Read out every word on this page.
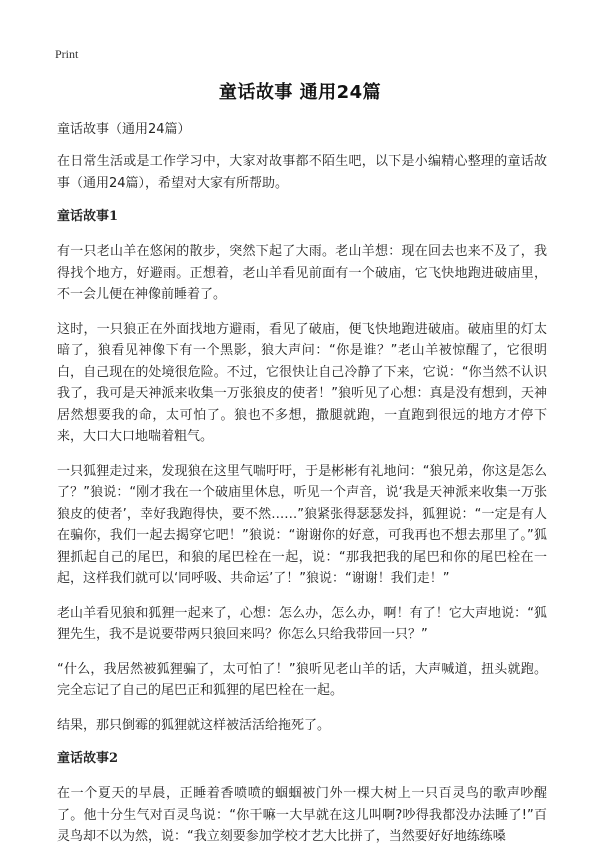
Print
童话故事 通用24篇

童话故事（通用24篇）

在日常生活或是工作学习中，大家对故事都不陌生吧，以下是小编精心整理的童话故事（通用24篇），希望对大家有所帮助。

童话故事1

有一只老山羊在悠闲的散步，突然下起了大雨。老山羊想：现在回去也来不及了，我得找个地方，好避雨。正想着，老山羊看见前面有一个破庙，它飞快地跑进破庙里，不一会儿便在神像前睡着了。

这时，一只狼正在外面找地方避雨，看见了破庙，便飞快地跑进破庙。破庙里的灯太暗了，狼看见神像下有一个黑影，狼大声问：“你是谁？”老山羊被惊醒了，它很明白，自己现在的处境很危险。不过，它很快让自己冷静了下来，它说：“你当然不认识我了，我可是天神派来收集一万张狼皮的使者！”狼听见了心想：真是没有想到，天神居然想要我的命，太可怕了。狼也不多想，撒腿就跑，一直跑到很远的地方才停下来，大口大口地喘着粗气。

一只狐狸走过来，发现狼在这里气喘吁吁，于是彬彬有礼地问：“狼兄弟，你这是怎么了？”狼说：“刚才我在一个破庙里休息，听见一个声音，说‘我是天神派来收集一万张狼皮的使者’，幸好我跑得快，要不然……”狼紧张得瑟瑟发抖，狐狸说：“一定是有人在骗你，我们一起去揭穿它吧！”狼说：“谢谢你的好意，可我再也不想去那里了。”狐狸抓起自己的尾巴，和狼的尾巴栓在一起，说：“那我把我的尾巴和你的尾巴栓在一起，这样我们就可以‘同呼吸、共命运’了！”狼说：“谢谢！我们走！”

老山羊看见狼和狐狸一起来了，心想：怎么办，怎么办，啊！有了！它大声地说：“狐狸先生，我不是说要带两只狼回来吗？你怎么只给我带回一只？”

“什么，我居然被狐狸骗了，太可怕了！”狼听见老山羊的话，大声喊道，扭头就跑。完全忘记了自己的尾巴正和狐狸的尾巴栓在一起。

结果，那只倒霉的狐狸就这样被活活给拖死了。

童话故事2

在一个夏天的早晨，正睡着香喷喷的蝈蝈被门外一棵大树上一只百灵鸟的歌声吵醒了。他十分生气对百灵鸟说：“你干嘛一大早就在这儿叫啊?吵得我都没办法睡了!”百灵鸟却不以为然，说：“我立刻要参加学校才艺大比拼了，当然要好好地练练嗓
